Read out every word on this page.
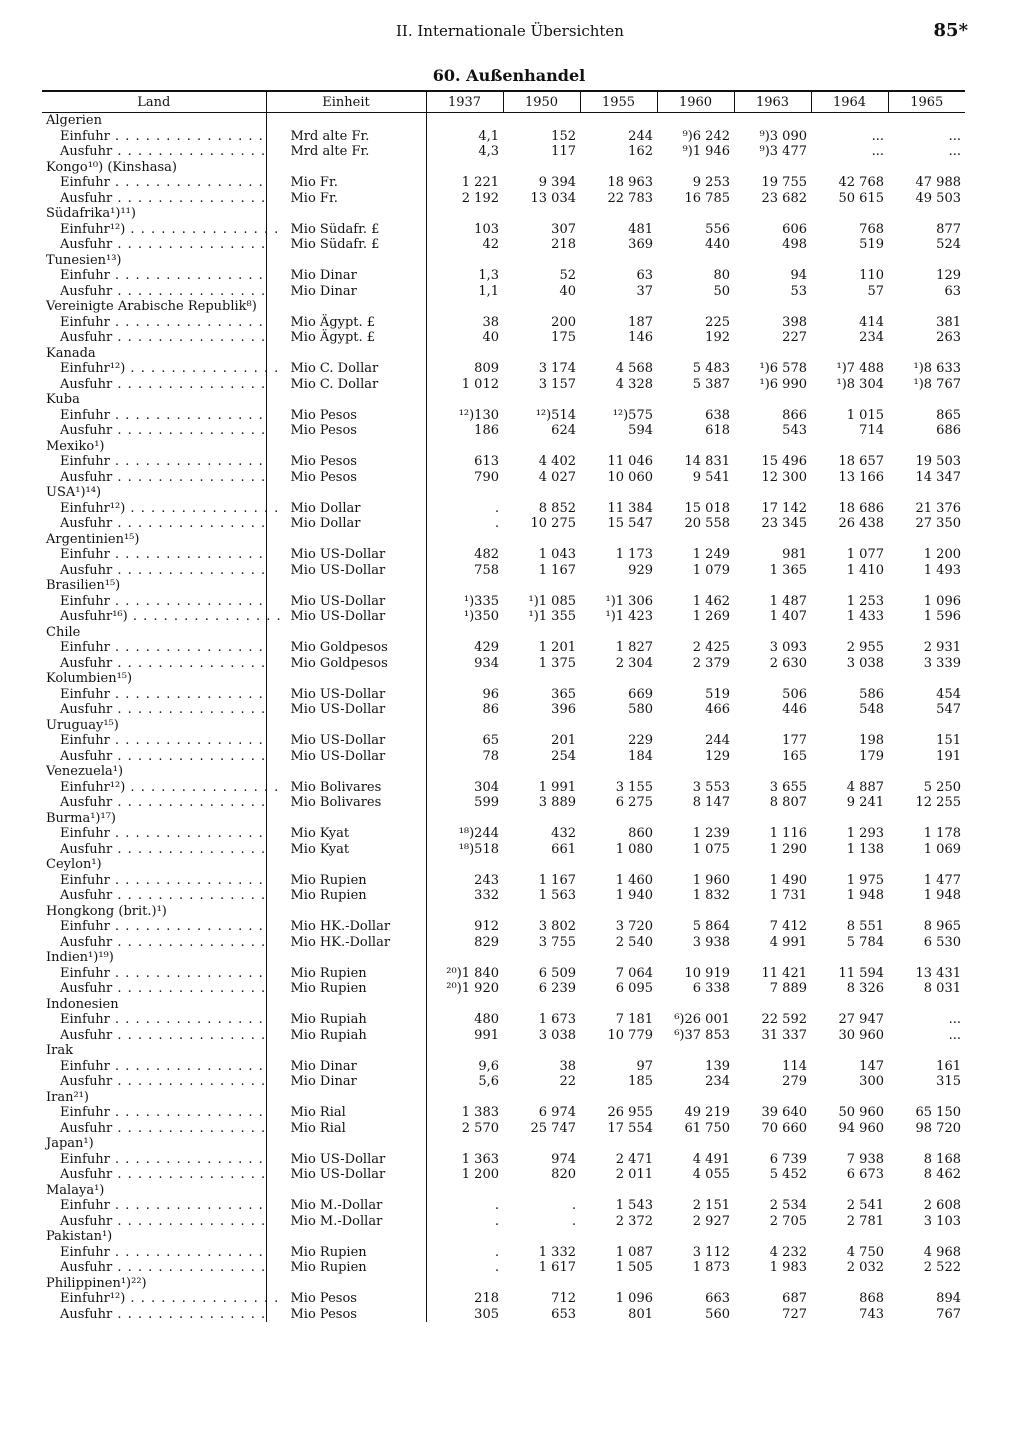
II. Internationale Übersichten	85*
60. Außenhandel
Land	Einheit	1937	1950	1955	1960	1963	1964	1965
Algerien								
Einfuhr . . . . . . . . . . . . . . .	Mrd alte Fr.	4,1	152	244	⁹)6 242	⁹)3 090	...	...
Ausfuhr . . . . . . . . . . . . . . .	Mrd alte Fr.	4,3	117	162	⁹)1 946	⁹)3 477	...	...
Kongo¹⁰) (Kinshasa)								
Einfuhr . . . . . . . . . . . . . . .	Mio Fr.	1 221	9 394	18 963	9 253	19 755	42 768	47 988
Ausfuhr . . . . . . . . . . . . . . .	Mio Fr.	2 192	13 034	22 783	16 785	23 682	50 615	49 503
Südafrika¹)¹¹)								
Einfuhr¹²) . . . . . . . . . . . . . . .	Mio Südafr. £	103	307	481	556	606	768	877
Ausfuhr . . . . . . . . . . . . . . .	Mio Südafr. £	42	218	369	440	498	519	524
Tunesien¹³)								
Einfuhr . . . . . . . . . . . . . . .	Mio Dinar	1,3	52	63	80	94	110	129
Ausfuhr . . . . . . . . . . . . . . .	Mio Dinar	1,1	40	37	50	53	57	63
Vereinigte Arabische Republik⁸)								
Einfuhr . . . . . . . . . . . . . . .	Mio Ägypt. £	38	200	187	225	398	414	381
Ausfuhr . . . . . . . . . . . . . . .	Mio Ägypt. £	40	175	146	192	227	234	263
Kanada								
Einfuhr¹²) . . . . . . . . . . . . . . .	Mio C. Dollar	809	3 174	4 568	5 483	¹)6 578	¹)7 488	¹)8 633
Ausfuhr . . . . . . . . . . . . . . .	Mio C. Dollar	1 012	3 157	4 328	5 387	¹)6 990	¹)8 304	¹)8 767
Kuba								
Einfuhr . . . . . . . . . . . . . . .	Mio Pesos	¹²)130	¹²)514	¹²)575	638	866	1 015	865
Ausfuhr . . . . . . . . . . . . . . .	Mio Pesos	186	624	594	618	543	714	686
Mexiko¹)								
Einfuhr . . . . . . . . . . . . . . .	Mio Pesos	613	4 402	11 046	14 831	15 496	18 657	19 503
Ausfuhr . . . . . . . . . . . . . . .	Mio Pesos	790	4 027	10 060	9 541	12 300	13 166	14 347
USA¹)¹⁴)								
Einfuhr¹²) . . . . . . . . . . . . . . .	Mio Dollar	.	8 852	11 384	15 018	17 142	18 686	21 376
Ausfuhr . . . . . . . . . . . . . . .	Mio Dollar	.	10 275	15 547	20 558	23 345	26 438	27 350
Argentinien¹⁵)								
Einfuhr . . . . . . . . . . . . . . .	Mio US-Dollar	482	1 043	1 173	1 249	981	1 077	1 200
Ausfuhr . . . . . . . . . . . . . . .	Mio US-Dollar	758	1 167	929	1 079	1 365	1 410	1 493
Brasilien¹⁵)								
Einfuhr . . . . . . . . . . . . . . .	Mio US-Dollar	¹)335	¹)1 085	¹)1 306	1 462	1 487	1 253	1 096
Ausfuhr¹⁶) . . . . . . . . . . . . . . .	Mio US-Dollar	¹)350	¹)1 355	¹)1 423	1 269	1 407	1 433	1 596
Chile								
Einfuhr . . . . . . . . . . . . . . .	Mio Goldpesos	429	1 201	1 827	2 425	3 093	2 955	2 931
Ausfuhr . . . . . . . . . . . . . . .	Mio Goldpesos	934	1 375	2 304	2 379	2 630	3 038	3 339
Kolumbien¹⁵)								
Einfuhr . . . . . . . . . . . . . . .	Mio US-Dollar	96	365	669	519	506	586	454
Ausfuhr . . . . . . . . . . . . . . .	Mio US-Dollar	86	396	580	466	446	548	547
Uruguay¹⁵)								
Einfuhr . . . . . . . . . . . . . . .	Mio US-Dollar	65	201	229	244	177	198	151
Ausfuhr . . . . . . . . . . . . . . .	Mio US-Dollar	78	254	184	129	165	179	191
Venezuela¹)								
Einfuhr¹²) . . . . . . . . . . . . . . .	Mio Bolivares	304	1 991	3 155	3 553	3 655	4 887	5 250
Ausfuhr . . . . . . . . . . . . . . .	Mio Bolivares	599	3 889	6 275	8 147	8 807	9 241	12 255
Burma¹)¹⁷)								
Einfuhr . . . . . . . . . . . . . . .	Mio Kyat	¹⁸)244	432	860	1 239	1 116	1 293	1 178
Ausfuhr . . . . . . . . . . . . . . .	Mio Kyat	¹⁸)518	661	1 080	1 075	1 290	1 138	1 069
Ceylon¹)								
Einfuhr . . . . . . . . . . . . . . .	Mio Rupien	243	1 167	1 460	1 960	1 490	1 975	1 477
Ausfuhr . . . . . . . . . . . . . . .	Mio Rupien	332	1 563	1 940	1 832	1 731	1 948	1 948
Hongkong (brit.)¹)								
Einfuhr . . . . . . . . . . . . . . .	Mio HK.-Dollar	912	3 802	3 720	5 864	7 412	8 551	8 965
Ausfuhr . . . . . . . . . . . . . . .	Mio HK.-Dollar	829	3 755	2 540	3 938	4 991	5 784	6 530
Indien¹)¹⁹)								
Einfuhr . . . . . . . . . . . . . . .	Mio Rupien	²⁰)1 840	6 509	7 064	10 919	11 421	11 594	13 431
Ausfuhr . . . . . . . . . . . . . . .	Mio Rupien	²⁰)1 920	6 239	6 095	6 338	7 889	8 326	8 031
Indonesien								
Einfuhr . . . . . . . . . . . . . . .	Mio Rupiah	480	1 673	7 181	⁶)26 001	22 592	27 947	...
Ausfuhr . . . . . . . . . . . . . . .	Mio Rupiah	991	3 038	10 779	⁶)37 853	31 337	30 960	...
Irak								
Einfuhr . . . . . . . . . . . . . . .	Mio Dinar	9,6	38	97	139	114	147	161
Ausfuhr . . . . . . . . . . . . . . .	Mio Dinar	5,6	22	185	234	279	300	315
Iran²¹)								
Einfuhr . . . . . . . . . . . . . . .	Mio Rial	1 383	6 974	26 955	49 219	39 640	50 960	65 150
Ausfuhr . . . . . . . . . . . . . . .	Mio Rial	2 570	25 747	17 554	61 750	70 660	94 960	98 720
Japan¹)								
Einfuhr . . . . . . . . . . . . . . .	Mio US-Dollar	1 363	974	2 471	4 491	6 739	7 938	8 168
Ausfuhr . . . . . . . . . . . . . . .	Mio US-Dollar	1 200	820	2 011	4 055	5 452	6 673	8 462
Malaya¹)								
Einfuhr . . . . . . . . . . . . . . .	Mio M.-Dollar	.	.	1 543	2 151	2 534	2 541	2 608
Ausfuhr . . . . . . . . . . . . . . .	Mio M.-Dollar	.	.	2 372	2 927	2 705	2 781	3 103
Pakistan¹)								
Einfuhr . . . . . . . . . . . . . . .	Mio Rupien	.	1 332	1 087	3 112	4 232	4 750	4 968
Ausfuhr . . . . . . . . . . . . . . .	Mio Rupien	.	1 617	1 505	1 873	1 983	2 032	2 522
Philippinen¹)²²)								
Einfuhr¹²) . . . . . . . . . . . . . . .	Mio Pesos	218	712	1 096	663	687	868	894
Ausfuhr . . . . . . . . . . . . . . .	Mio Pesos	305	653	801	560	727	743	767
